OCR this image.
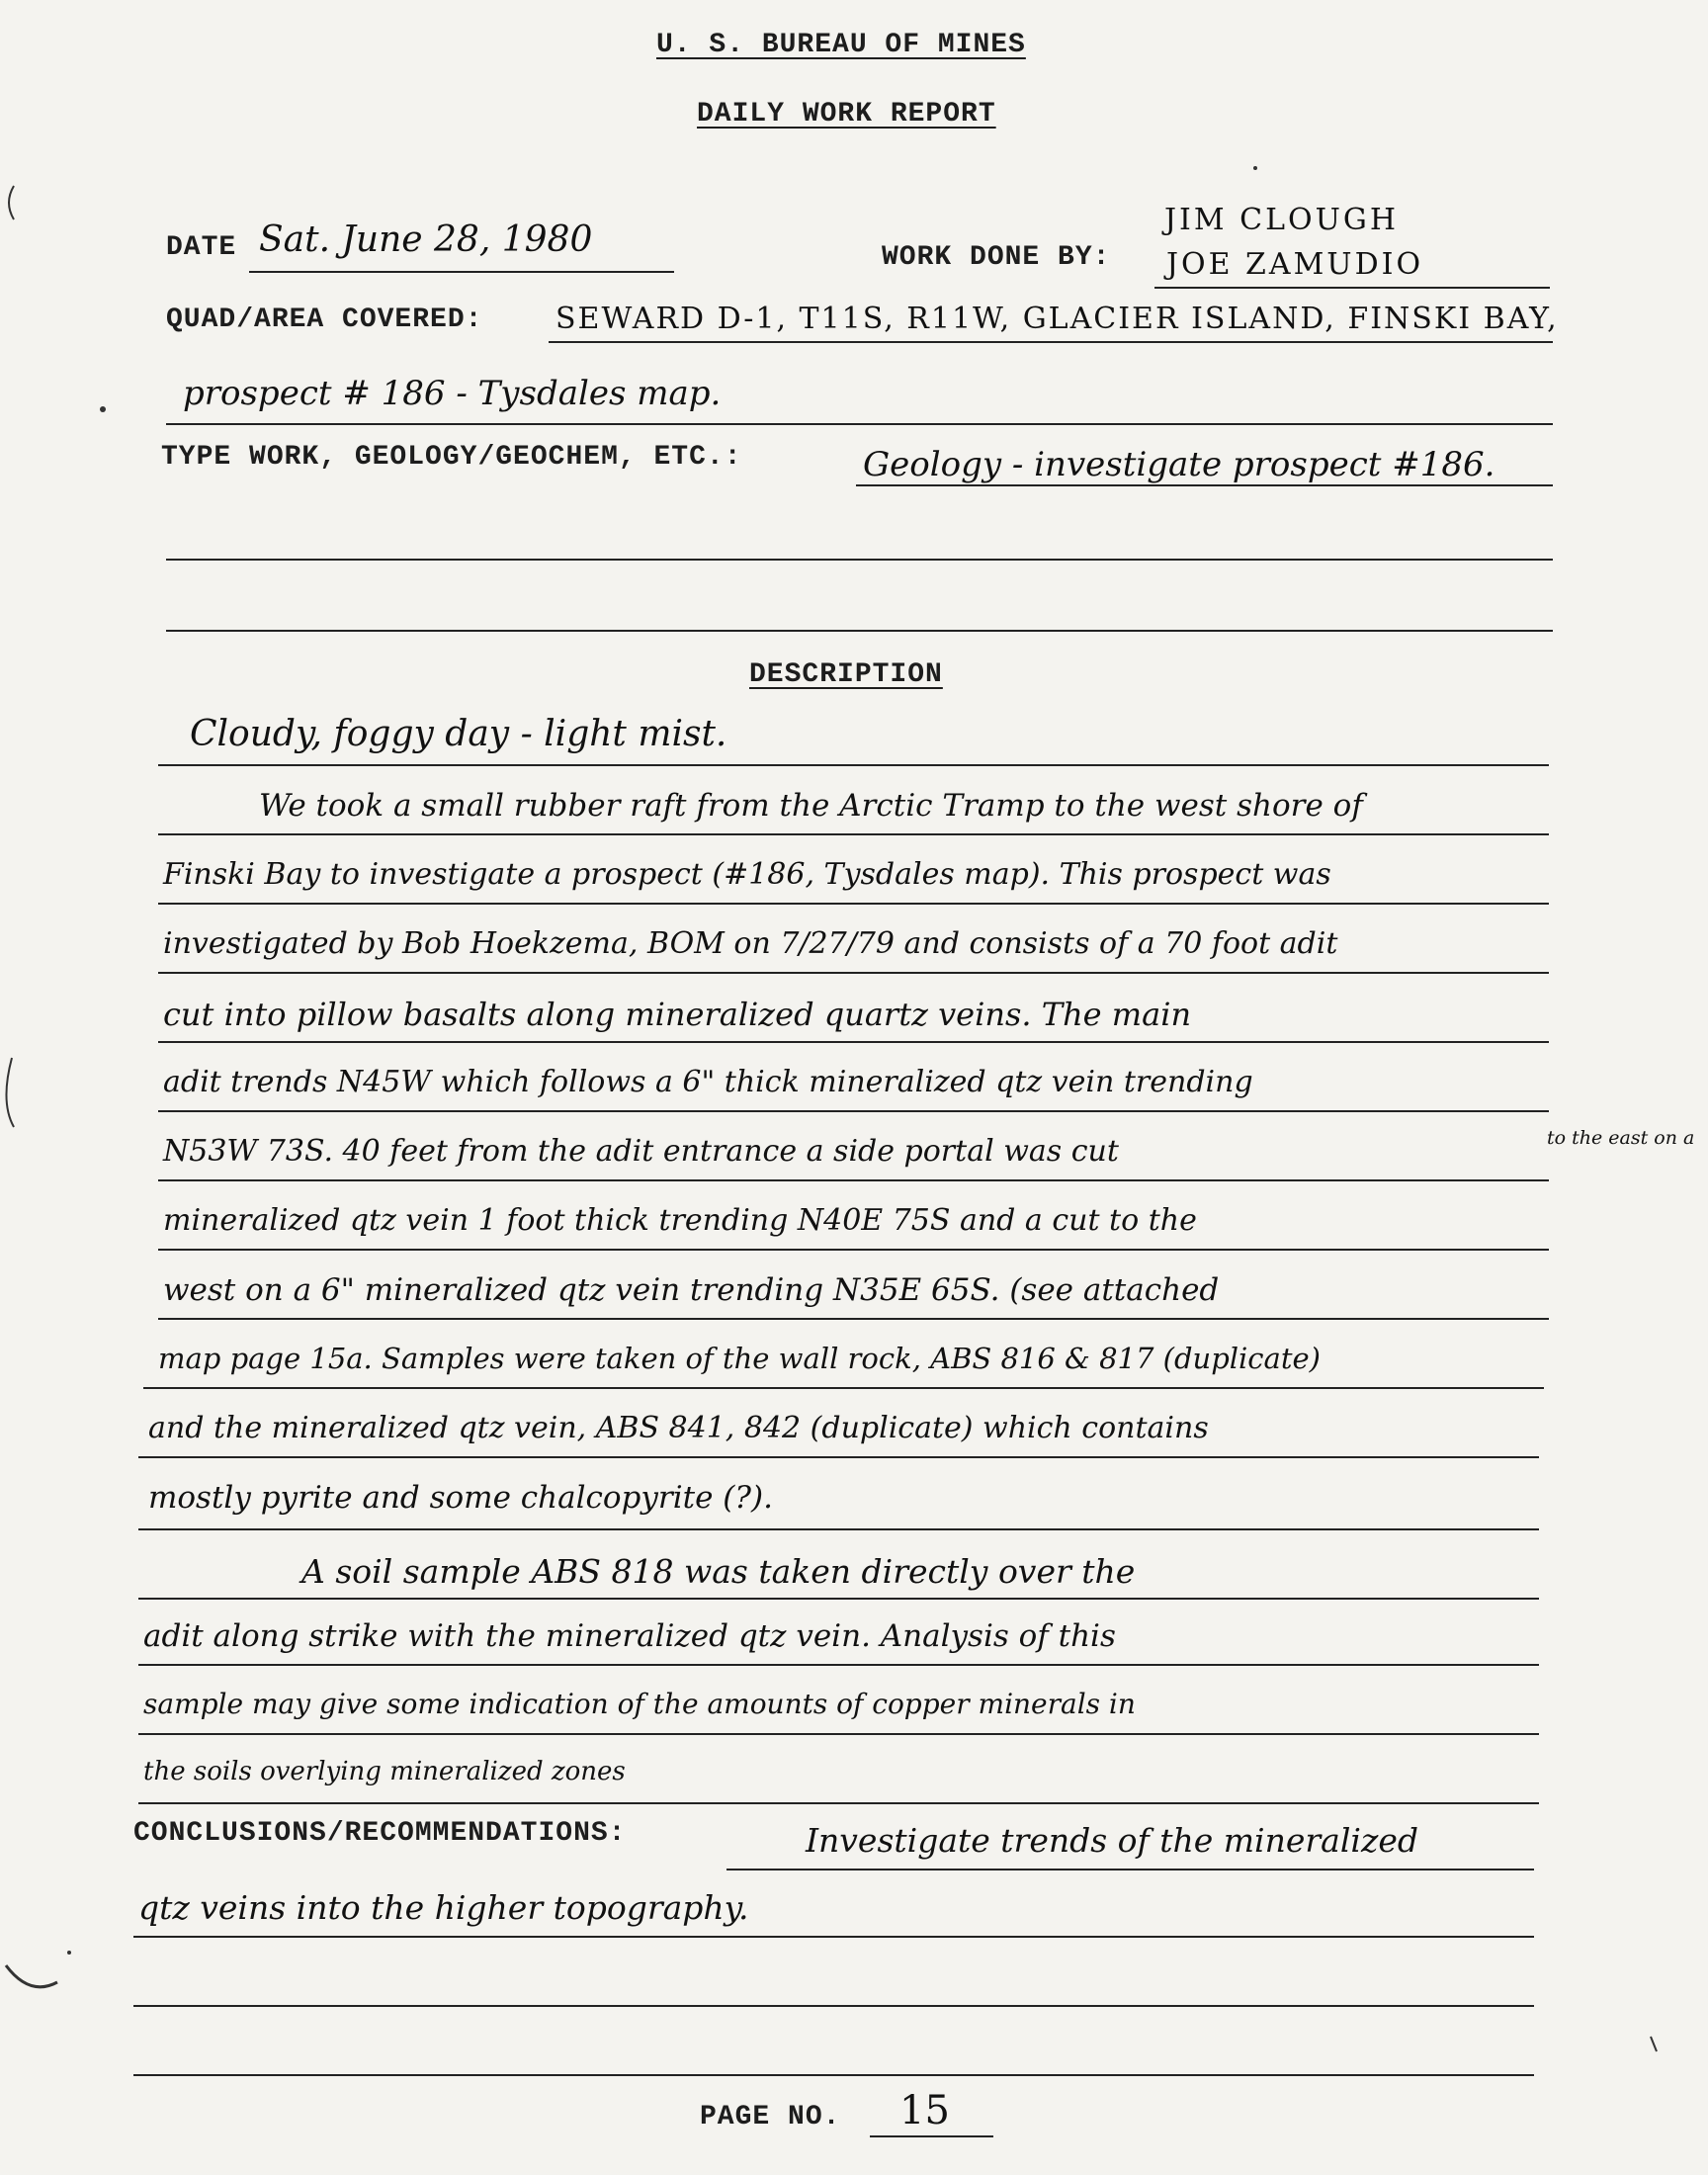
U. S. BUREAU OF MINES
DAILY WORK REPORT
DATE Sat. June 28, 1980	WORK DONE BY:
JIM CLOUGH
JOE ZAMUDIO
QUAD/AREA COVERED: SEWARD D-1, T11S, R11W, GLACIER ISLAND, FINSKI BAY,
prospect # 186 - Tysdales map.
TYPE WORK, GEOLOGY/GEOCHEM, ETC.:	Geology - investigate prospect #186.
DESCRIPTION
Cloudy, foggy day - light mist.
We took a small rubber raft from the Arctic Tramp to the west shore of
Finski Bay to investigate a prospect (#186, Tysdales map). This prospect was
investigated by Bob Hoekzema, BOM on 7/27/79 and consists of a 70 foot adit
cut into pillow basalts along mineralized quartz veins. The main
adit trends N45W which follows a 6" thick mineralized qtz vein trending
N53W 73S. 40 feet from the adit entrance a side portal was cut	to the east on a
mineralized qtz vein 1 foot thick trending N40E 75S and a cut to the
west on a 6" mineralized qtz vein trending N35E 65S. (see attached
map page 15a. Samples were taken of the wall rock, ABS 816 & 817 (duplicate)
and the mineralized qtz vein, ABS 841, 842 (duplicate) which contains
mostly pyrite and some chalcopyrite (?).
A soil sample ABS 818 was taken directly over the
adit along strike with the mineralized qtz vein. Analysis of this
sample may give some indication of the amounts of copper minerals in
the soils overlying mineralized zones
CONCLUSIONS/RECOMMENDATIONS:	Investigate trends of the mineralized
qtz veins into the higher topography.
PAGE NO. 15
